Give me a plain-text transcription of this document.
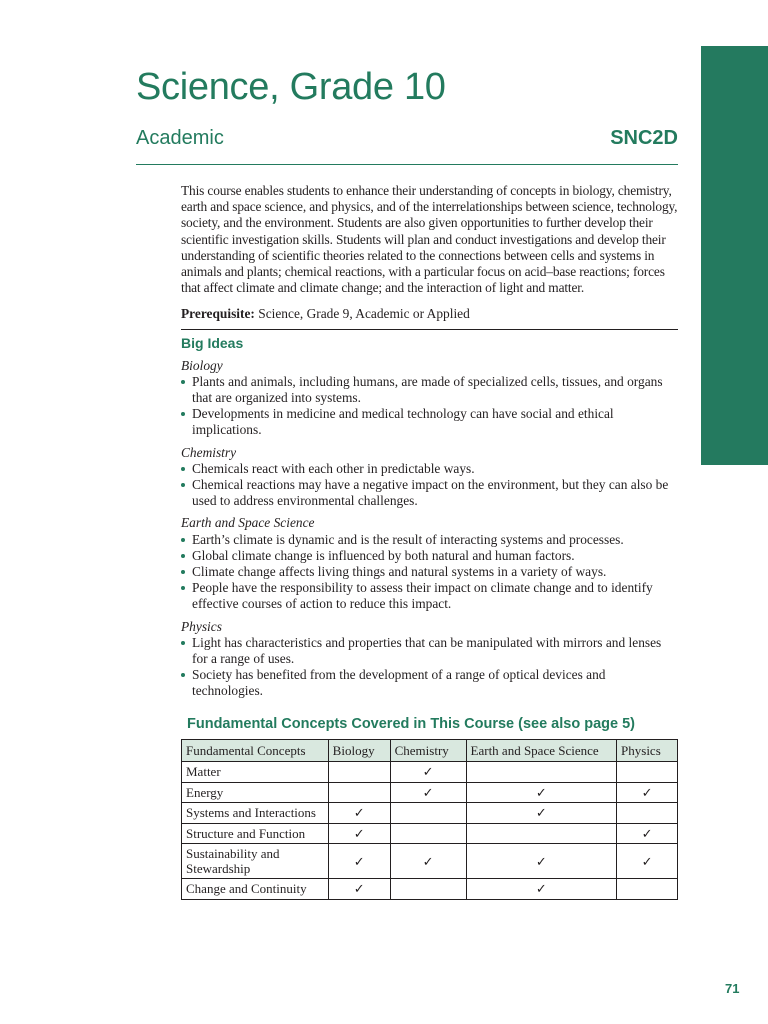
Science, Grade 10
Academic	SNC2D

This course enables students to enhance their understanding of concepts in biology, chemistry, earth and space science, and physics, and of the interrelationships between science, technology, society, and the environment. Students are also given opportunities to further develop their scientific investigation skills. Students will plan and conduct investigations and develop their understanding of scientific theories related to the connections between cells and systems in animals and plants; chemical reactions, with a particular focus on acid–base reactions; forces that affect climate and climate change; and the interaction of light and matter.

Prerequisite: Science, Grade 9, Academic or Applied

Big Ideas

Biology

Plants and animals, including humans, are made of specialized cells, tissues, and organs that are organized into systems.
Developments in medicine and medical technology can have social and ethical implications.

Chemistry

Chemicals react with each other in predictable ways.
Chemical reactions may have a negative impact on the environment, but they can also be used to address environmental challenges.

Earth and Space Science

Earth’s climate is dynamic and is the result of interacting systems and processes.
Global climate change is influenced by both natural and human factors.
Climate change affects living things and natural systems in a variety of ways.
People have the responsibility to assess their impact on climate change and to identify effective courses of action to reduce this impact.

Physics

Light has characteristics and properties that can be manipulated with mirrors and lenses for a range of uses.
Society has benefited from the development of a range of optical devices and technologies.
Fundamental Concepts Covered in This Course (see also page 5)
Fundamental Concepts	Biology	Chemistry	Earth and Space Science	Physics
Matter		✓		
Energy		✓	✓	✓
Systems and Interactions	✓		✓	
Structure and Function	✓			✓
Sustainability and Stewardship	✓	✓	✓	✓
Change and Continuity	✓		✓	
71
